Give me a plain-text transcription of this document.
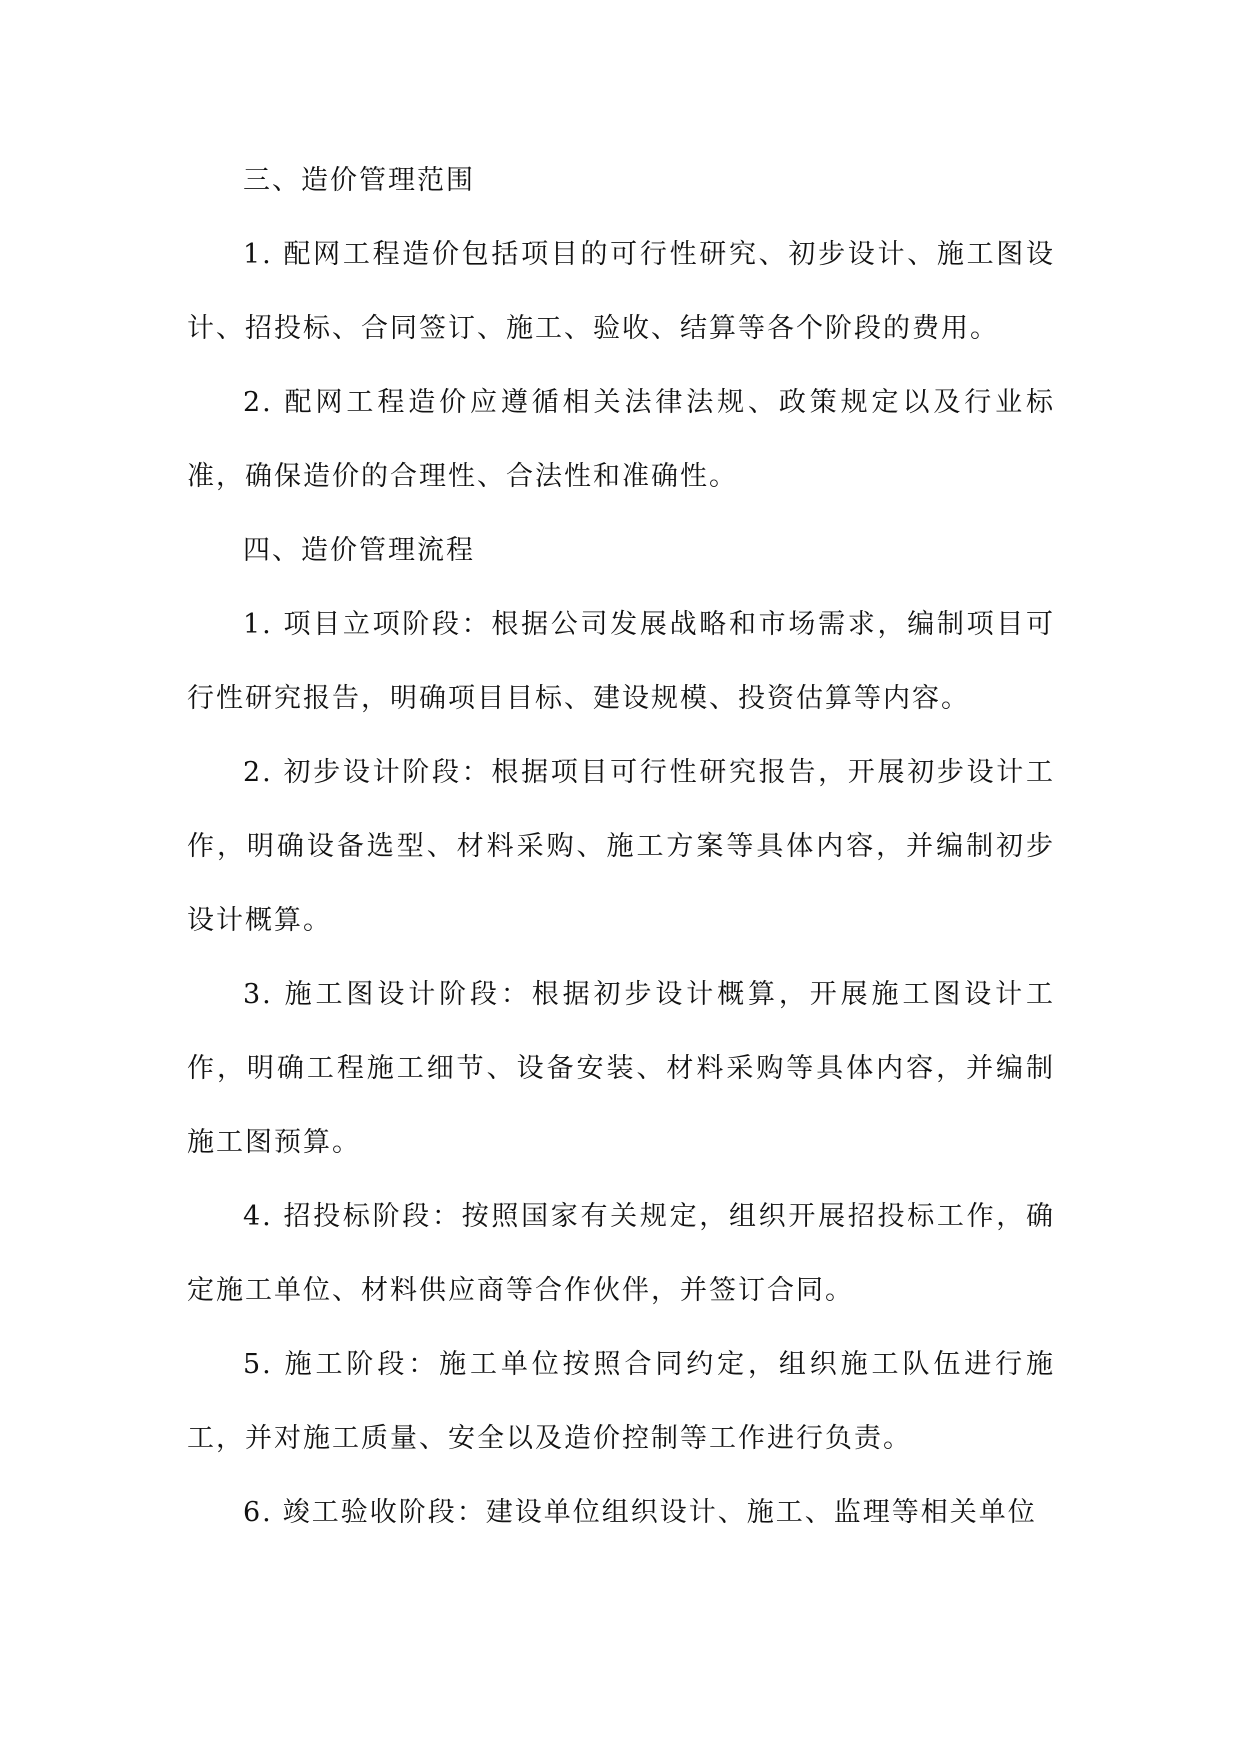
三、造价管理范围

1. 配网工程造价包括项目的可行性研究、初步设计、施工图设计、招投标、合同签订、施工、验收、结算等各个阶段的费用。

2. 配网工程造价应遵循相关法律法规、政策规定以及行业标准，确保造价的合理性、合法性和准确性。

四、造价管理流程

1. 项目立项阶段：根据公司发展战略和市场需求，编制项目可行性研究报告，明确项目目标、建设规模、投资估算等内容。

2. 初步设计阶段：根据项目可行性研究报告，开展初步设计工作，明确设备选型、材料采购、施工方案等具体内容，并编制初步设计概算。

3. 施工图设计阶段：根据初步设计概算，开展施工图设计工作，明确工程施工细节、设备安装、材料采购等具体内容，并编制施工图预算。

4. 招投标阶段：按照国家有关规定，组织开展招投标工作，确定施工单位、材料供应商等合作伙伴，并签订合同。

5. 施工阶段：施工单位按照合同约定，组织施工队伍进行施工，并对施工质量、安全以及造价控制等工作进行负责。

6. 竣工验收阶段：建设单位组织设计、施工、监理等相关单位
